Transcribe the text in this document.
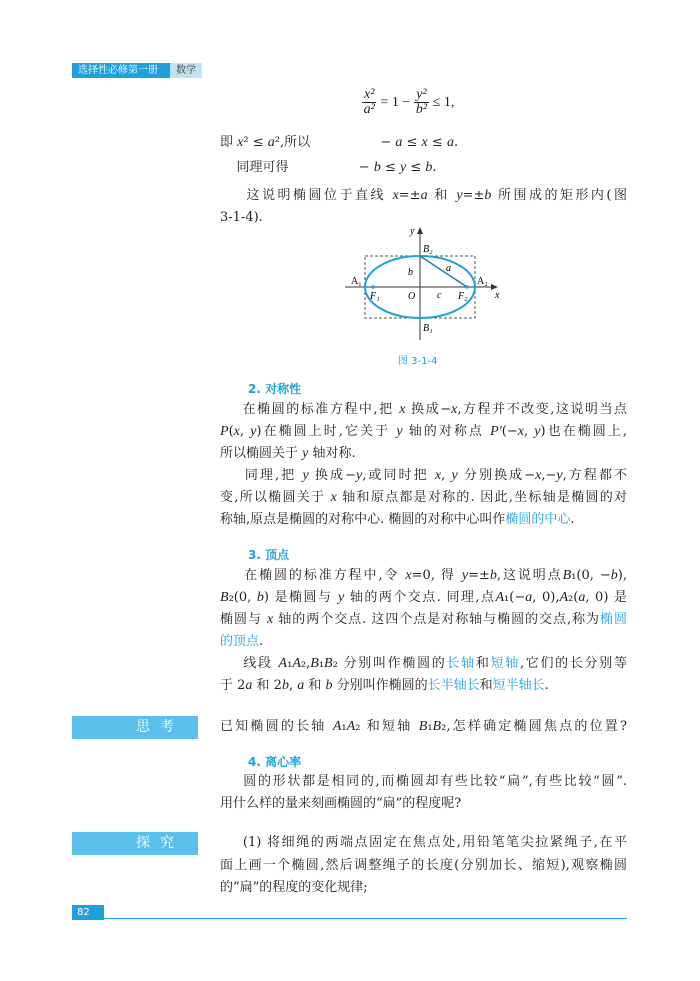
选择性必修第一册	数学
$\frac{\text{x²}}{\text{a²}} = 1 - \frac{\text{y²}}{\text{b²}} \le 1$,
即 x² ≤ a²,所以                 − a ≤ x ≤ a.
同理可得                 − b ≤ y ≤ b.
这说明椭圆位于直线 x=±a 和 y=±b 所围成的矩形内(图
3-1-4).
在椭圆的标准方程中,把 x 换成−x,方程并不改变,这说明当点
P(x, y)在椭圆上时,它关于 y 轴的对称点 P′(−x, y)也在椭圆上,
所以椭圆关于 y 轴对称.
同理,把 y 换成−y,或同时把 x, y 分别换成−x,−y,方程都不
变,所以椭圆关于 x 轴和原点都是对称的. 因此,坐标轴是椭圆的对
称轴,原点是椭圆的对称中心. 椭圆的对称中心叫作椭圆的中心.
在椭圆的标准方程中,令 x=0, 得 y=±b,这说明点B₁(0, −b),
B₂(0, b) 是椭圆与 y 轴的两个交点. 同理,点A₁(−a, 0),A₂(a, 0) 是
椭圆与 x 轴的两个交点. 这四个点是对称轴与椭圆的交点,称为椭圆
的顶点.
线段 A₁A₂,B₁B₂ 分别叫作椭圆的长轴和短轴,它们的长分别等
于 2a 和 2b, a 和 b 分别叫作椭圆的长半轴长和短半轴长.
已知椭圆的长轴 A₁A₂ 和短轴 B₁B₂,怎样确定椭圆焦点的位置?
圆的形状都是相同的,而椭圆却有些比较“扁”,有些比较“圆”.
用什么样的量来刻画椭圆的“扁”的程度呢?
(1) 将细绳的两端点固定在焦点处,用铅笔笔尖拉紧绳子,在平
面上画一个椭圆,然后调整绳子的长度(分别加长、缩短),观察椭圆
的“扁”的程度的变化规律;
y
x
B₂
B₁
A₁	A₂
F₁	F₂
O
a
b
c
图 3-1-4
2. 对称性
3. 顶点
4. 离心率
思考
探究
82
